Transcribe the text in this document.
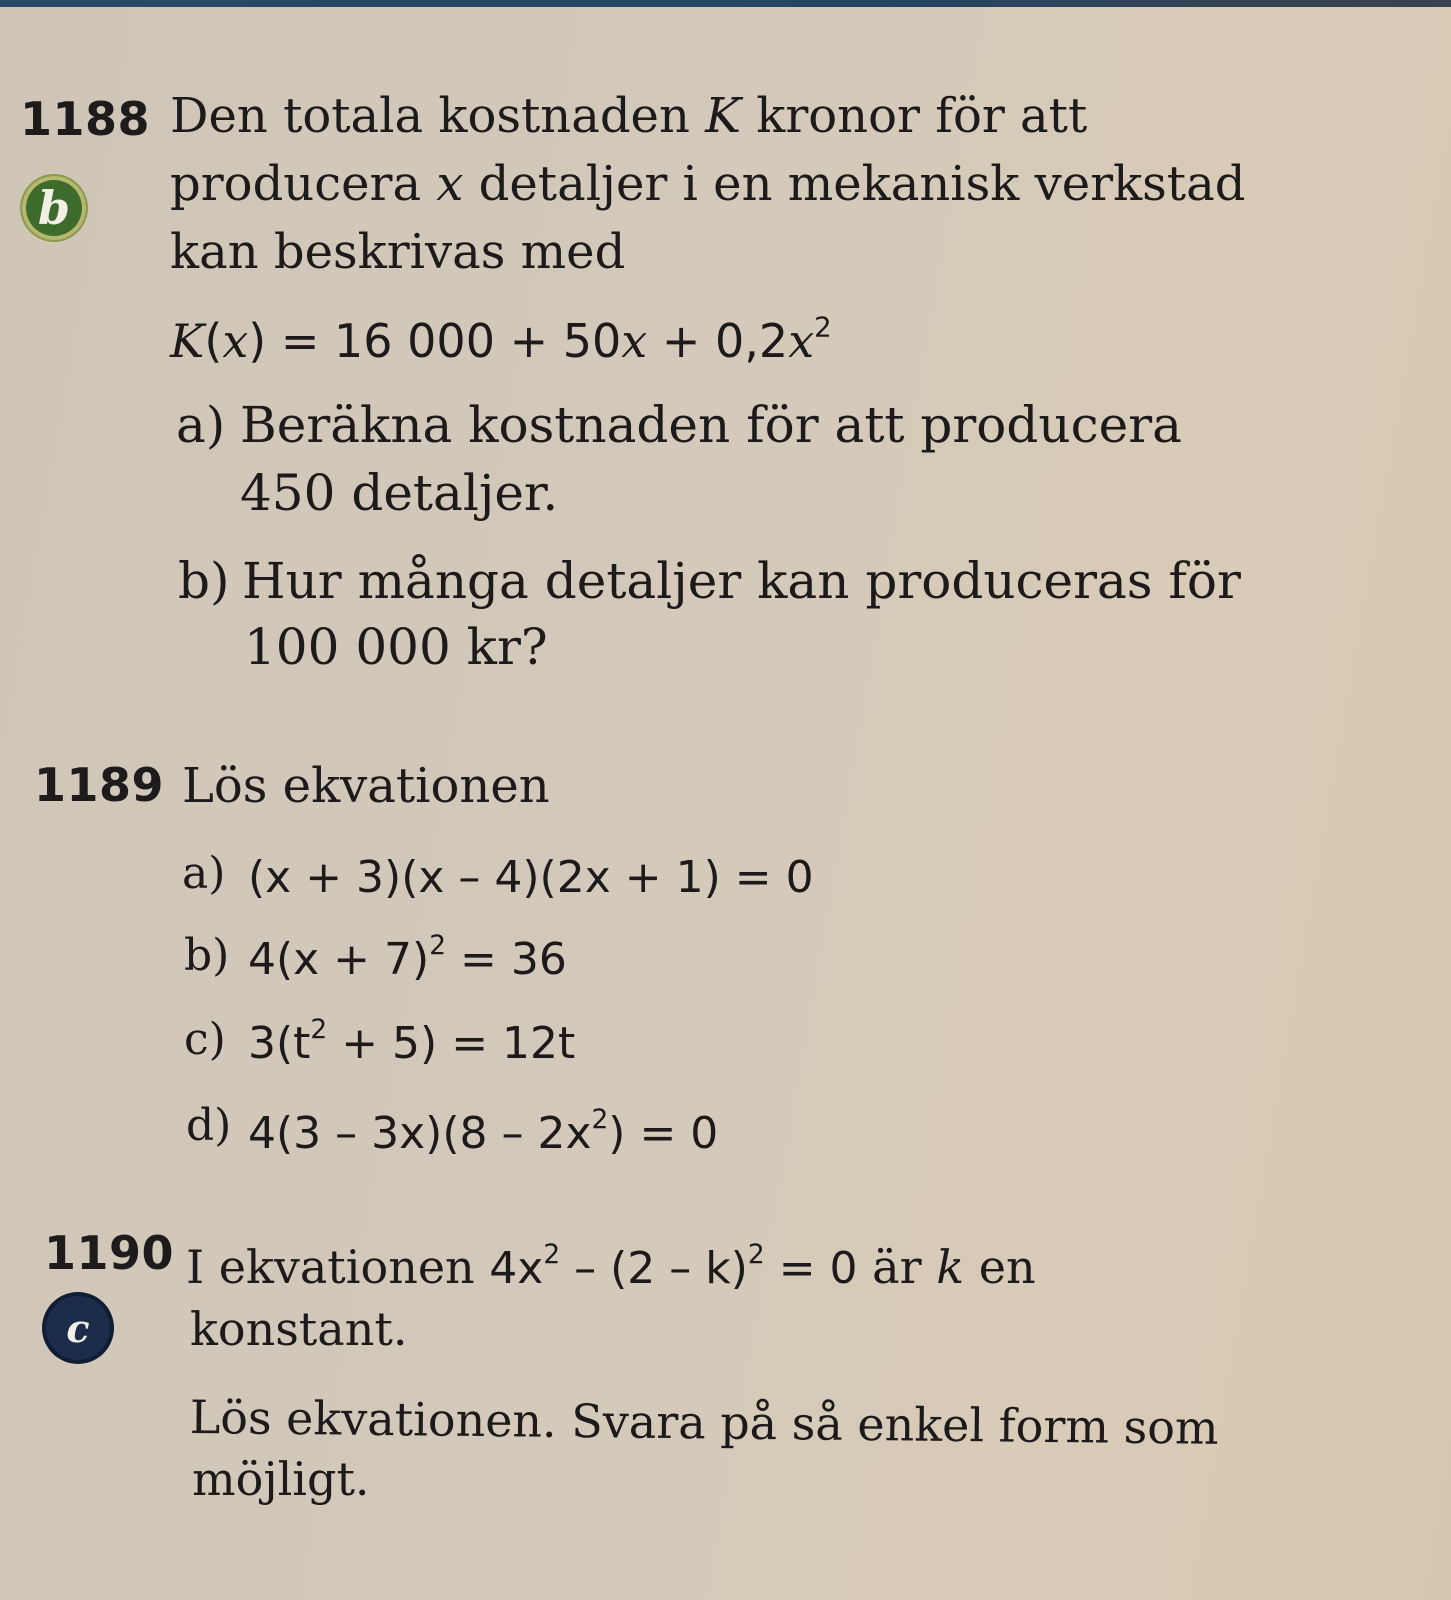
1188
b
Den totala kostnaden K kronor för att
producera x detaljer i en mekanisk verkstad
kan beskrivas med
K(x) = 16 $000 + 50x + 0,2x^2$
a) Beräkna kostnaden för att producera
450 detaljer.
b) Hur många detaljer kan produceras för
100 000 kr?
1189 Lös ekvationen
a) (x + 3)(x – 4)(2x + 1) = 0
b) $4(x + 7)^2 = 36$
c) $3(t^2 + 5) = 12t$
d) $4(3 - 3x)(8 - 2x^2) = 0$
1190
c
I ekvationen $4x^2 - (2 - k)^2 = 0$ är k en
konstant.
Lös ekvationen. Svara på så enkel form som
möjligt.
